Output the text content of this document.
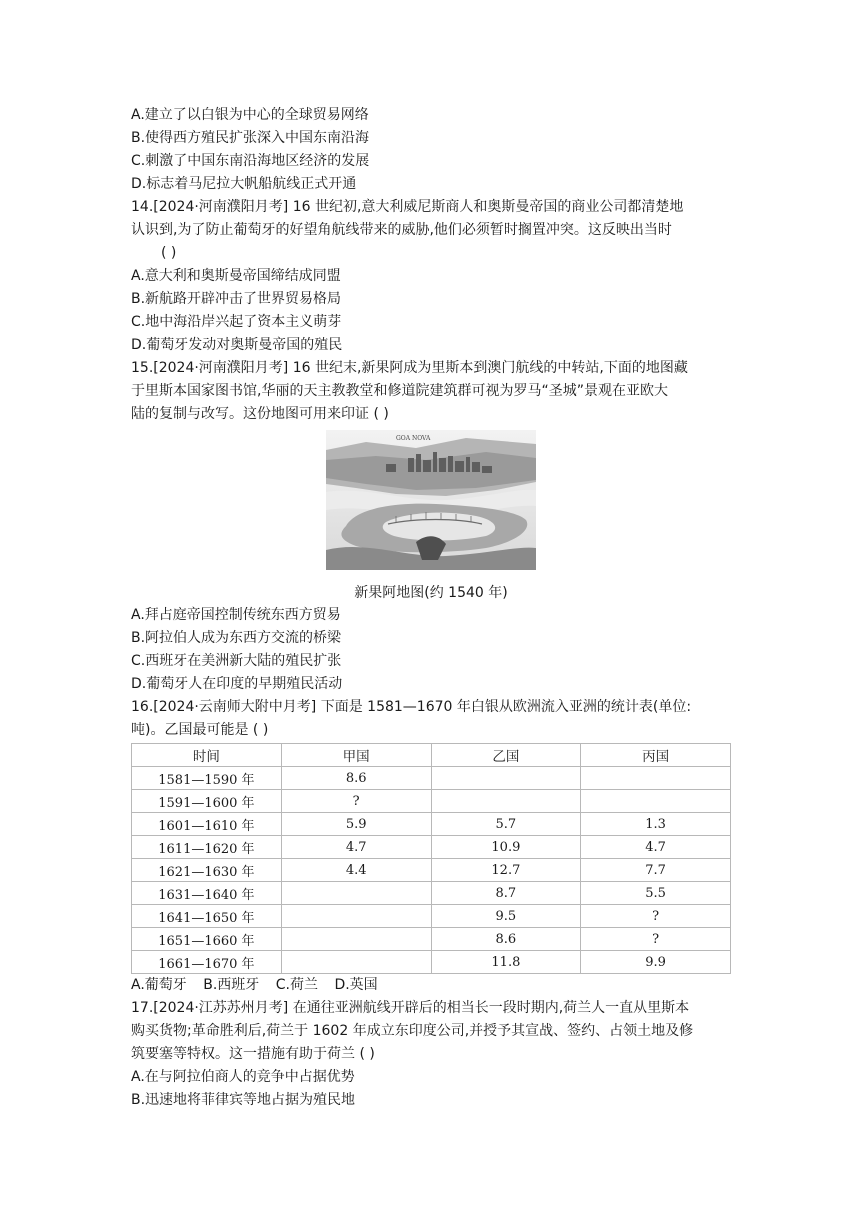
A.建立了以白银为中心的全球贸易网络
B.使得西方殖民扩张深入中国东南沿海
C.刺激了中国东南沿海地区经济的发展
D.标志着马尼拉大帆船航线正式开通
14.[2024·河南濮阳月考] 16 世纪初,意大利威尼斯商人和奥斯曼帝国的商业公司都清楚地
认识到,为了防止葡萄牙的好望角航线带来的威胁,他们必须暂时搁置冲突。这反映出当时
( )
A.意大利和奥斯曼帝国缔结成同盟
B.新航路开辟冲击了世界贸易格局
C.地中海沿岸兴起了资本主义萌芽
D.葡萄牙发动对奥斯曼帝国的殖民
15.[2024·河南濮阳月考] 16 世纪末,新果阿成为里斯本到澳门航线的中转站,下面的地图藏
于里斯本国家图书馆,华丽的天主教教堂和修道院建筑群可视为罗马“圣城”景观在亚欧大
陆的复制与改写。这份地图可用来印证 ( )
GOA NOVA
新果阿地图(约 1540 年)
A.拜占庭帝国控制传统东西方贸易
B.阿拉伯人成为东西方交流的桥梁
C.西班牙在美洲新大陆的殖民扩张
D.葡萄牙人在印度的早期殖民活动
16.[2024·云南师大附中月考] 下面是 1581—1670 年白银从欧洲流入亚洲的统计表(单位:
吨)。乙国最可能是 ( )
时间	甲国	乙国	丙国
1581—1590 年	8.6		
1591—1600 年	?		
1601—1610 年	5.9	5.7	1.3
1611—1620 年	4.7	10.9	4.7
1621—1630 年	4.4	12.7	7.7
1631—1640 年		8.7	5.5
1641—1650 年		9.5	?
1651—1660 年		8.6	?
1661—1670 年		11.8	9.9
A.葡萄牙 B.西班牙 C.荷兰 D.英国
17.[2024·江苏苏州月考] 在通往亚洲航线开辟后的相当长一段时期内,荷兰人一直从里斯本
购买货物;革命胜利后,荷兰于 1602 年成立东印度公司,并授予其宣战、签约、占领土地及修
筑要塞等特权。这一措施有助于荷兰 ( )
A.在与阿拉伯商人的竞争中占据优势
B.迅速地将菲律宾等地占据为殖民地
